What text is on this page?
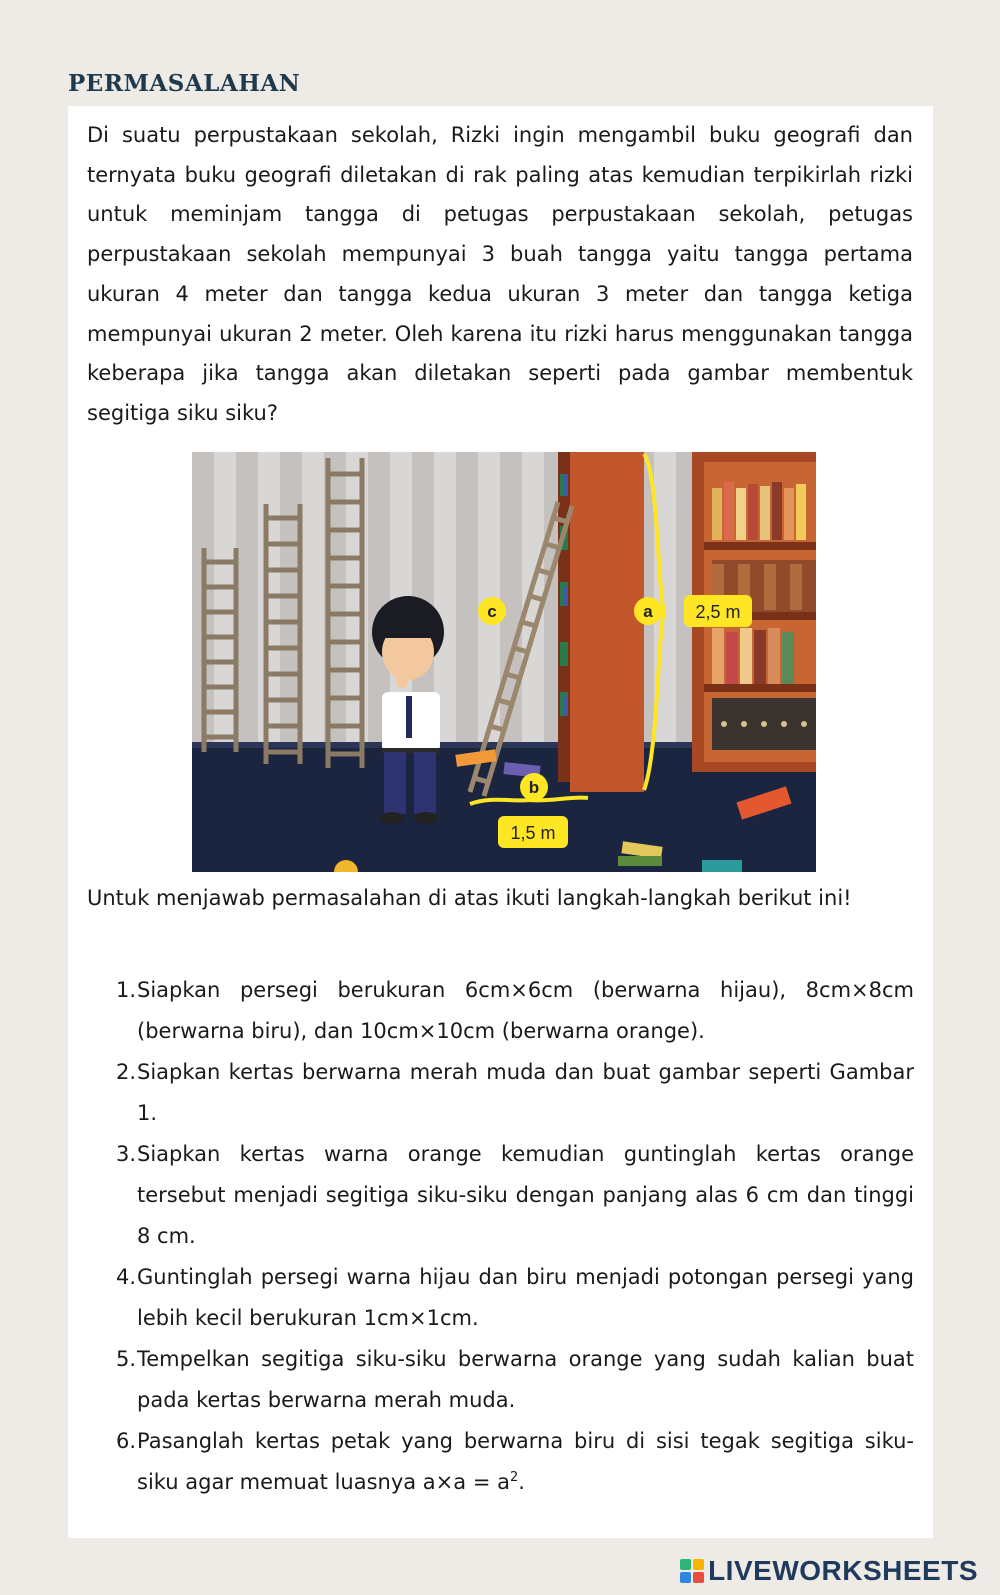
PERMASALAHAN

Di suatu perpustakaan sekolah, Rizki ingin mengambil buku geografi dan ternyata buku geografi diletakan di rak paling atas kemudian terpikirlah rizki untuk meminjam tangga di petugas perpustakaan sekolah, petugas perpustakaan sekolah mempunyai 3 buah tangga yaitu tangga pertama ukuran 4 meter dan tangga kedua ukuran 3 meter dan tangga ketiga mempunyai ukuran 2 meter. Oleh karena itu rizki harus menggunakan tangga keberapa jika tangga akan diletakan seperti pada gambar membentuk segitiga siku siku?

c	a 2,5 m
b
1,5 m

Untuk menjawab permasalahan di atas ikuti langkah-langkah berikut ini!

1. Siapkan persegi berukuran 6cm×6cm (berwarna hijau), 8cm×8cm (berwarna biru), dan 10cm×10cm (berwarna orange).
2. Siapkan kertas berwarna merah muda dan buat gambar seperti Gambar 1.
3. Siapkan kertas warna orange kemudian guntinglah kertas orange tersebut menjadi segitiga siku-siku dengan panjang alas 6 cm dan tinggi 8 cm.
4. Guntinglah persegi warna hijau dan biru menjadi potongan persegi yang lebih kecil berukuran 1cm×1cm.
5. Tempelkan segitiga siku-siku berwarna orange yang sudah kalian buat pada kertas berwarna merah muda.
6. Pasanglah kertas petak yang berwarna biru di sisi tegak segitiga siku-siku agar memuat luasnya $a\times a = a^2$.
LIVEWORKSHEETS
